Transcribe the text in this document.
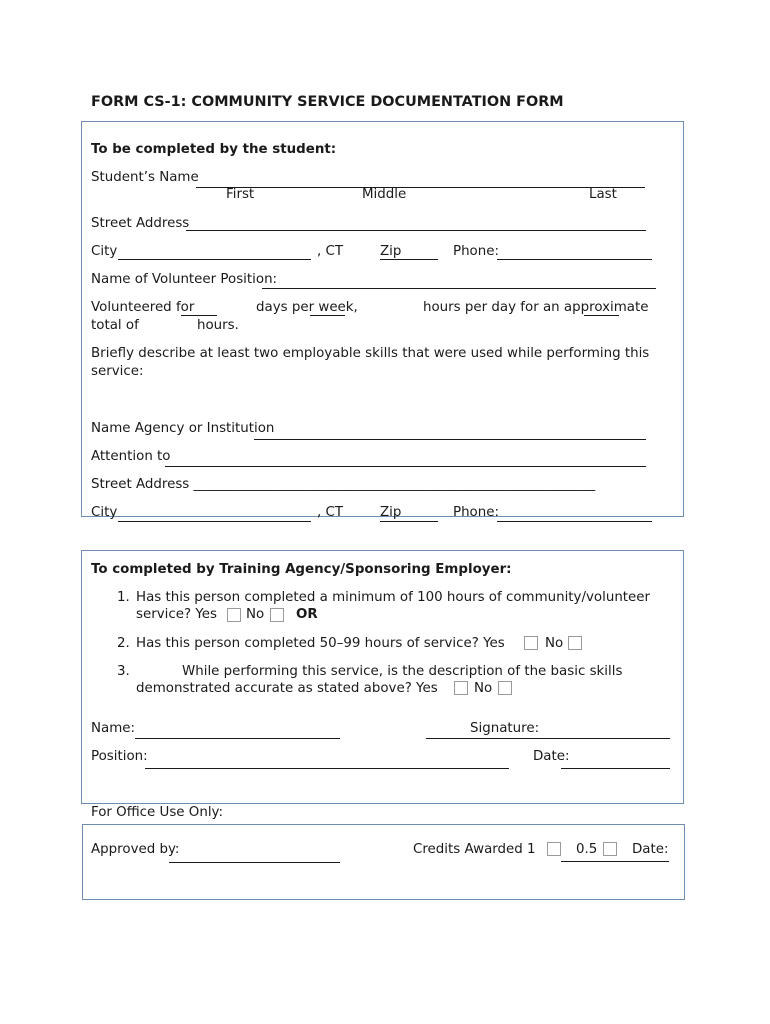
FORM CS-1: COMMUNITY SERVICE DOCUMENTATION FORM
To be completed by the student:
Student’s Name
First	Middle	Last
Street Address
City	, CT	Zip	Phone:
Name of Volunteer Position:
Volunteered for	days per week,	hours per day for an approximate
total of	hours.
Briefly describe at least two employable skills that were used while performing this
service:
Name Agency or Institution
Attention to
Street Address ____________________________________________________________
City	, CT	Zip	Phone:
To completed by Training Agency/Sponsoring Employer:
1. Has this person completed a minimum of 100 hours of community/volunteer
service? Yes No OR
2. Has this person completed 50–99 hours of service? Yes	No
3.	While performing this service, is the description of the basic skills
demonstrated accurate as stated above? Yes	No
Name:	Signature:
Position:	Date:
For Office Use Only:
Approved by:	Credits Awarded 1	0.5	Date:
